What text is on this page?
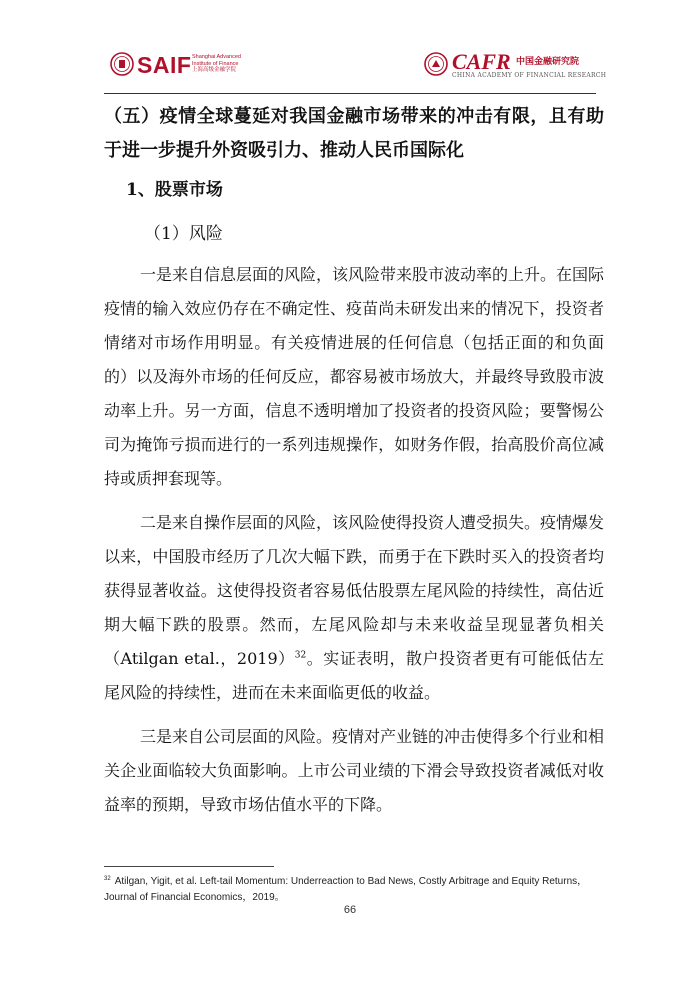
SAIF Shanghai Advanced
Institute of Finance
上海高级金融学院	CAFR 中国金融研究院
CHINA ACADEMY OF FINANCIAL RESEARCH

（五）疫情全球蔓延对我国金融市场带来的冲击有限，且有助于进一步提升外资吸引力、推动人民币国际化

1、股票市场

（1）风险

一是来自信息层面的风险，该风险带来股市波动率的上升。在国际疫情的输入效应仍存在不确定性、疫苗尚未研发出来的情况下，投资者情绪对市场作用明显。有关疫情进展的任何信息（包括正面的和负面的）以及海外市场的任何反应，都容易被市场放大，并最终导致股市波动率上升。另一方面，信息不透明增加了投资者的投资风险；要警惕公司为掩饰亏损而进行的一系列违规操作，如财务作假，抬高股价高位减持或质押套现等。

二是来自操作层面的风险，该风险使得投资人遭受损失。疫情爆发以来，中国股市经历了几次大幅下跌，而勇于在下跌时买入的投资者均获得显著收益。这使得投资者容易低估股票左尾风险的持续性，高估近期大幅下跌的股票。然而，左尾风险却与未来收益呈现显著负相关（Atilgan etal.，2019）$^{32}$。实证表明，散户投资者更有可能低估左尾风险的持续性，进而在未来面临更低的收益。

三是来自公司层面的风险。疫情对产业链的冲击使得多个行业和相关企业面临较大负面影响。上市公司业绩的下滑会导致投资者减低对收益率的预期，导致市场估值水平的下降。

$^{32}$ Atilgan, Yigit, et al. Left-tail Momentum: Underreaction to Bad News, Costly Arbitrage and Equity Returns，Journal of Financial Economics，2019。
66
